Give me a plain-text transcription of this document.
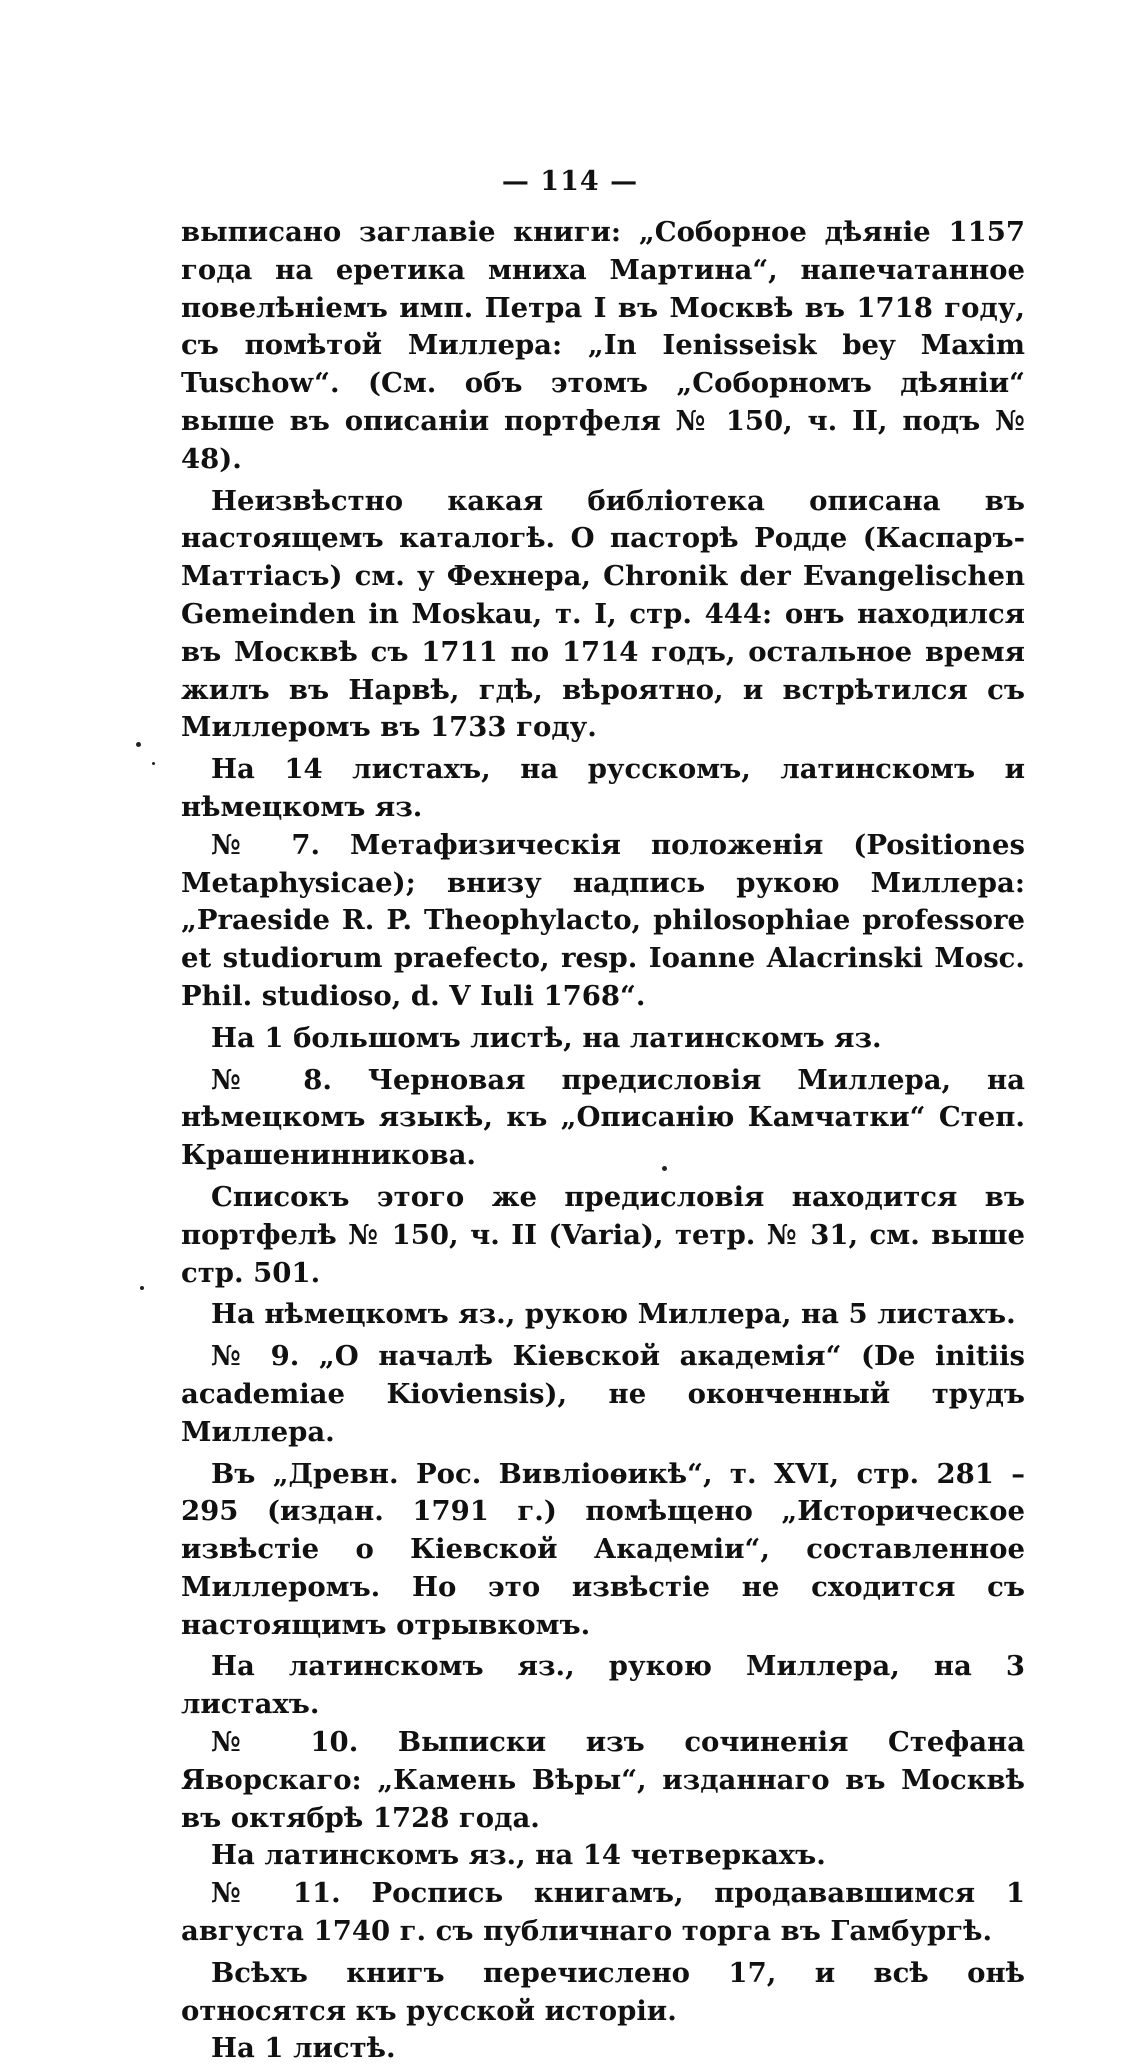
— 114 —

выписано заглавіе книги: „Соборное дѣяніе 1157 года на еретика мниха Мартина“, напечатанное повелѣніемъ имп. Петра I въ Москвѣ въ 1718 году, съ помѣтой Миллера: „In Ienisseisk bey Maxim Tuschow“. (См. объ этомъ „Соборномъ дѣяніи“ выше въ описаніи портфеля № 150, ч. II, подъ № 48).

Неизвѣстно какая библіотека описана въ настоящемъ каталогѣ. О пасторѣ Родде (Каспаръ-Маттіасъ) см. у Фехнера, Chronik der Evangelischen Gemeinden in Moskau, т. I, стр. 444: онъ находился въ Москвѣ съ 1711 по 1714 годъ, остальное время жилъ въ Нарвѣ, гдѣ, вѣроятно, и встрѣтился съ Миллеромъ въ 1733 году.

На 14 листахъ, на русскомъ, латинскомъ и нѣмецкомъ яз.

№ 7. Метафизическія положенія (Positiones Metaphysicae); внизу надпись рукою Миллера: „Praeside R. P. Theophylacto, philosophiae professore et studiorum praefecto, resp. Ioanne Alacrinski Mosc. Phil. studioso, d. V Iuli 1768“.

На 1 большомъ листѣ, на латинскомъ яз.

№ 8. Черновая предисловія Миллера, на нѣмецкомъ языкѣ, къ „Описанію Камчатки“ Степ. Крашенинникова.

Списокъ этого же предисловія находится въ портфелѣ № 150, ч. II (Varia), тетр. № 31, см. выше стр. 501.

На нѣмецкомъ яз., рукою Миллера, на 5 листахъ.

№ 9. „О началѣ Кіевской академія“ (De initiis academiae Kioviensis), не оконченный трудъ Миллера.

Въ „Древн. Рос. Вивліоѳикѣ“, т. XVI, стр. 281 – 295 (издан. 1791 г.) помѣщено „Историческое извѣстіе о Кіевской Академіи“, составленное Миллеромъ. Но это извѣстіе не сходится съ настоящимъ отрывкомъ.

На латинскомъ яз., рукою Миллера, на 3 листахъ.

№ 10. Выписки изъ сочиненія Стефана Яворскаго: „Камень Вѣры“, изданнаго въ Москвѣ въ октябрѣ 1728 года.

На латинскомъ яз., на 14 четверкахъ.

№ 11. Роспись книгамъ, продававшимся 1 августа 1740 г. съ публичнаго торга въ Гамбургѣ.

Всѣхъ книгъ перечислено 17, и всѣ онѣ относятся къ русской исторіи.

На 1 листѣ.
